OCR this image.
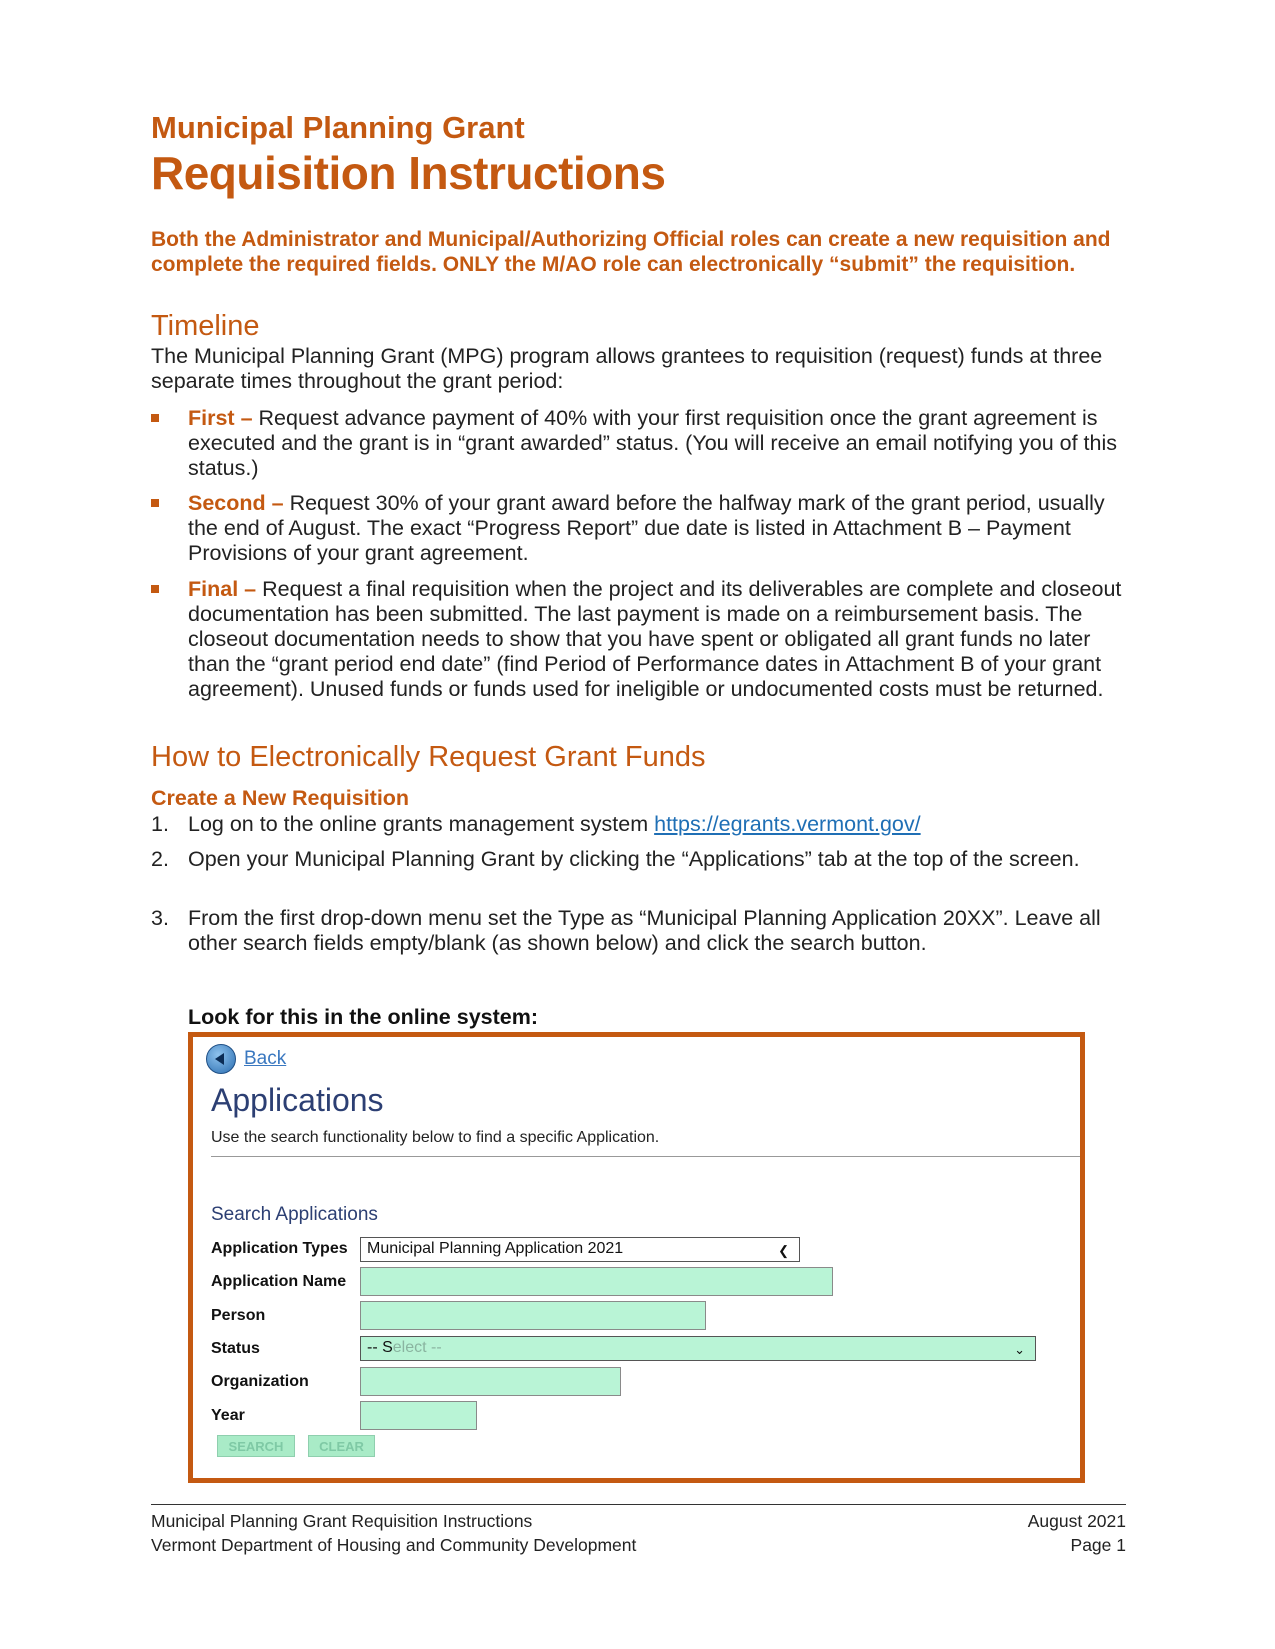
Municipal Planning Grant
Requisition Instructions
Both the Administrator and Municipal/Authorizing Official roles can create a new requisition and complete the required fields. ONLY the M/AO role can electronically “submit” the requisition.
Timeline
The Municipal Planning Grant (MPG) program allows grantees to requisition (request) funds at three separate times throughout the grant period:
First – Request advance payment of 40% with your first requisition once the grant agreement is executed and the grant is in “grant awarded” status. (You will receive an email notifying you of this status.)
Second – Request 30% of your grant award before the halfway mark of the grant period, usually the end of August. The exact “Progress Report” due date is listed in Attachment B – Payment Provisions of your grant agreement.
Final – Request a final requisition when the project and its deliverables are complete and closeout documentation has been submitted. The last payment is made on a reimbursement basis. The closeout documentation needs to show that you have spent or obligated all grant funds no later than the “grant period end date” (find Period of Performance dates in Attachment B of your grant agreement). Unused funds or funds used for ineligible or undocumented costs must be returned.
How to Electronically Request Grant Funds
Create a New Requisition
1. Log on to the online grants management system https://egrants.vermont.gov/
2. Open your Municipal Planning Grant by clicking the “Applications” tab at the top of the screen.
3. From the first drop-down menu set the Type as “Municipal Planning Application 20XX”. Leave all other search fields empty/blank (as shown below) and click the search button.
Look for this in the online system:
Back
Applications
Use the search functionality below to find a specific Application.
Search Applications
Application Types	Municipal Planning Application 2021	❮
Application Name
Person
Status	-- Select --	⌄
Organization
Year
SEARCH	CLEAR
Municipal Planning Grant Requisition Instructions
Vermont Department of Housing and Community Development
August 2021
Page 1
